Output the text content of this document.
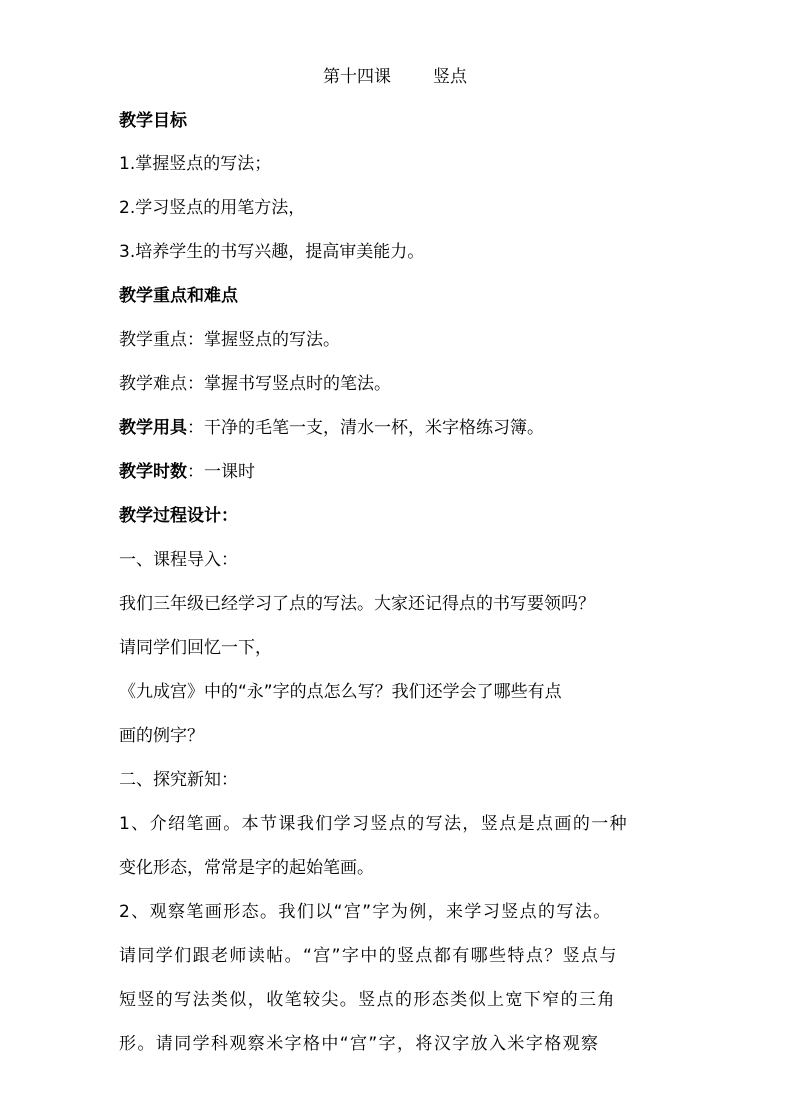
第十四课 竖点
教学目标
1.掌握竖点的写法；
2.学习竖点的用笔方法，
3.培养学生的书写兴趣，提高审美能力。
教学重点和难点
教学重点：掌握竖点的写法。
教学难点：掌握书写竖点时的笔法。
教学用具：干净的毛笔一支，清水一杯，米字格练习簿。
教学时数：一课时
教学过程设计：
一、课程导入：
我们三年级已经学习了点的写法。大家还记得点的书写要领吗？
请同学们回忆一下，
《九成宫》中的“永”字的点怎么写？我们还学会了哪些有点
画的例字？
二、探究新知：
1、介绍笔画。本节课我们学习竖点的写法，竖点是点画的一种
变化形态，常常是字的起始笔画。
2、观察笔画形态。我们以“宫”字为例，来学习竖点的写法。
请同学们跟老师读帖。“宫”字中的竖点都有哪些特点？竖点与
短竖的写法类似，收笔较尖。竖点的形态类似上宽下窄的三角
形。请同学科观察米字格中“宫”字，将汉字放入米字格观察
